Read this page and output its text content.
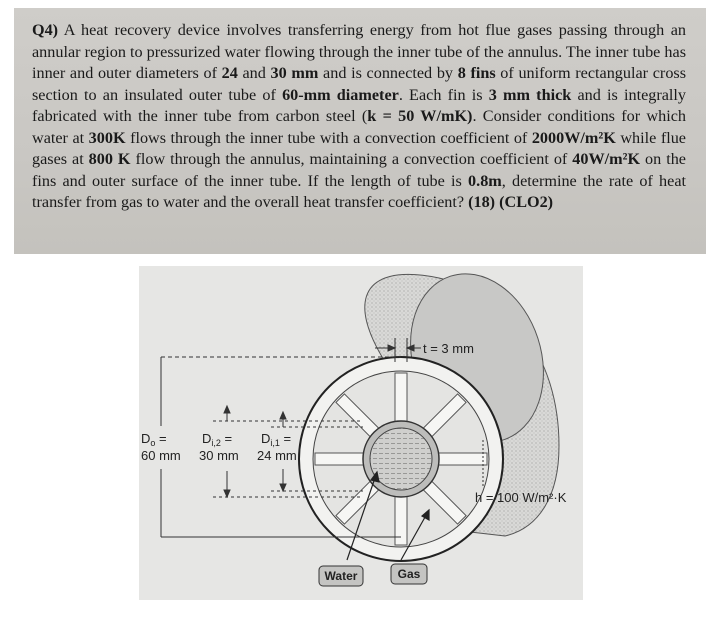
Q4) A heat recovery device involves transferring energy from hot flue gases passing through an annular region to pressurized water flowing through the inner tube of the annulus. The inner tube has inner and outer diameters of 24 and 30 mm and is connected by 8 fins of uniform rectangular cross section to an insulated outer tube of 60-mm diameter. Each fin is 3 mm thick and is integrally fabricated with the inner tube from carbon steel (k = 50 W/mK). Consider conditions for which water at 300K flows through the inner tube with a convection coefficient of 2000W/m²K while flue gases at 800 K flow through the annulus, maintaining a convection coefficient of 40W/m²K on the fins and outer surface of the inner tube. If the length of tube is 0.8m, determine the rate of heat transfer from gas to water and the overall heat transfer coefficient? (18) (CLO2)

t = 3 mm
$D_o$ =
60 mm
$D_{i,2}$ =
30 mm
$D_{i,1}$ =
24 mm
h = 100 W/m²·K
Water	Gas
